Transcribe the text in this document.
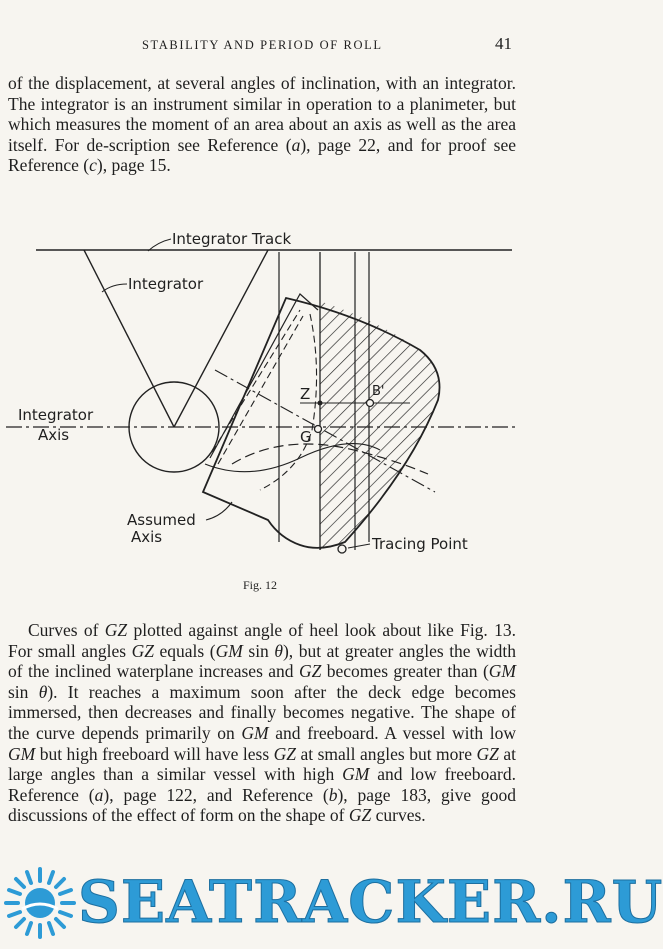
STABILITY AND PERIOD OF ROLL	41

of the displacement, at several angles of inclination, with an integrator. The integrator is an instrument similar in operation to a planimeter, but which measures the moment of an area about an axis as well as the area itself. For de-scription see Reference (a), page 22, and for proof see Reference (c), page 15.

Integrator Track
Integrator
Integrator
Axis
Z	B'
G
Assumed
Axis	Tracing Point
Fig. 12

Curves of GZ plotted against angle of heel look about like Fig. 13. For small angles GZ equals (GM sin θ), but at greater angles the width of the inclined waterplane increases and GZ becomes greater than (GM sin θ). It reaches a maximum soon after the deck edge becomes immersed, then decreases and finally becomes negative. The shape of the curve depends primarily on GM and freeboard. A vessel with low GM but high freeboard will have less GZ at small angles but more GZ at large angles than a similar vessel with high GM and low freeboard. Reference (a), page 122, and Reference (b), page 183, give good discussions of the effect of form on the shape of GZ curves.

SEATRACKER.RU
